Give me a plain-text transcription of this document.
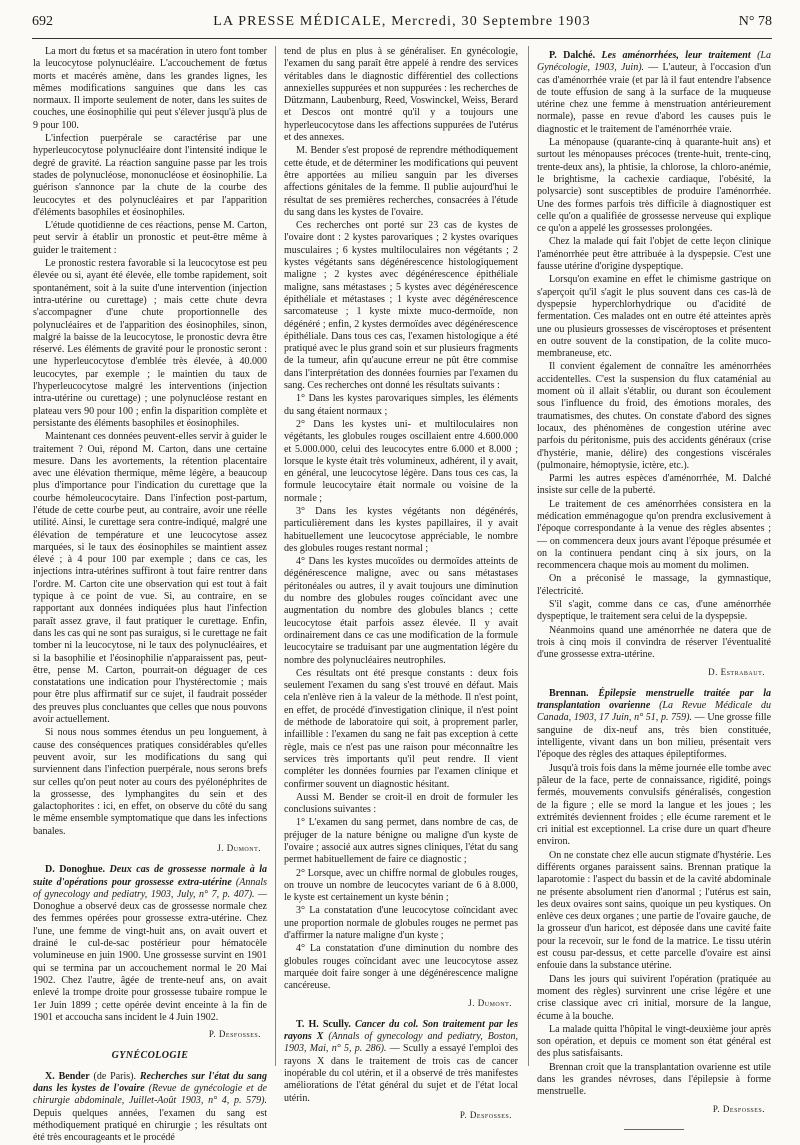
692	LA PRESSE MÉDICALE, Mercredi, 30 Septembre 1903	N° 78

La mort du fœtus et sa macération in utero font tomber la leucocytose polynucléaire. L'accouchement de fœtus morts et macérés amène, dans les grandes lignes, les mêmes modifications sanguines que dans les cas normaux. Il importe seulement de noter, dans les suites de couches, une éosinophilie qui peut s'élever jusqu'à plus de 9 pour 100.

L'infection puerpérale se caractérise par une hyperleucocytose polynucléaire dont l'intensité indique le degré de gravité. La réaction sanguine passe par les trois stades de polynucléose, mononucléose et éosinophilie. La guérison s'annonce par la chute de la courbe des leucocytes et des polynucléaires et par l'apparition d'éléments basophiles et éosinophiles.

L'étude quotidienne de ces réactions, pense M. Carton, peut servir à établir un pronostic et peut-être même à guider le traitement :

Le pronostic restera favorable si la leucocytose est peu élevée ou si, ayant été élevée, elle tombe rapidement, soit spontanément, soit à la suite d'une intervention (injection intra-utérine ou curettage) ; mais cette chute devra s'accompagner d'une chute proportionnelle des polynucléaires et de l'apparition des éosinophiles, sinon, malgré la baisse de la leucocytose, le pronostic devra être réservé. Les éléments de gravité pour le pronostic seront : une hyperleucocytose d'emblée très élevée, à 40.000 leucocytes, par exemple ; le maintien du taux de l'hyperleucocytose malgré les interventions (injection intra-utérine ou curettage) ; une polynucléose restant en plateau vers 90 pour 100 ; enfin la disparition complète et persistante des éléments basophiles et éosinophiles.

Maintenant ces données peuvent-elles servir à guider le traitement ? Oui, répond M. Carton, dans une certaine mesure. Dans les avortements, la rétention placentaire avec une élévation thermique, même légère, a beaucoup plus d'importance pour l'indication du curettage que la courbe hémoleucocytaire. Dans l'infection post-partum, l'étude de cette courbe peut, au contraire, avoir une réelle utilité. Ainsi, le curettage sera contre-indiqué, malgré une élévation de température et une leucocytose assez marquées, si le taux des éosinophiles se maintient assez élevé ; à 4 pour 100 par exemple ; dans ce cas, les injections intra-utérines suffiront à tout faire rentrer dans l'ordre. M. Carton cite une observation qui est tout à fait typique à ce point de vue. Si, au contraire, en se rapportant aux données indiquées plus haut l'infection paraît assez grave, il faut pratiquer le curettage. Enfin, dans les cas qui ne sont pas suraigus, si le curettage ne fait tomber ni la leucocytose, ni le taux des polynucléaires, et si la basophilie et l'éosinophilie n'apparaissent pas, peut-être, pense M. Carton, pourrait-on déguager de ces constatations une indication pour l'hystérectomie ; mais pour être plus affirmatif sur ce sujet, il faudrait posséder des preuves plus concluantes que celles que nous pouvons avoir actuellement.

Si nous nous sommes étendus un peu longuement, à cause des conséquences pratiques considérables qu'elles peuvent avoir, sur les modifications du sang qui surviennent dans l'infection puerpérale, nous serons brefs sur celles qu'on peut noter au cours des pyélonéphrites de la grossesse, des lymphangites du sein et des galactophorites : ici, en effet, on observe du côté du sang le même ensemble symptomatique que dans les infections banales.

J. Dumont.

D. Donoghue. Deux cas de grossesse normale à la suite d'opérations pour grossesse extra-utérine (Annals of gynecology and pediatry, 1903, July, n° 7, p. 407). — Donoghue a observé deux cas de grossesse normale chez des femmes opérées pour grossesse extra-utérine. Chez l'une, une femme de vingt-huit ans, on avait ouvert et drainé le cul-de-sac postérieur pour hématocèle volumineuse en juin 1900. Une grossesse survint en 1901 qui se termina par un accouchement normal le 20 Mai 1902. Chez l'autre, âgée de trente-neuf ans, on avait enlevé la trompe droite pour grossesse tubaire rompue le 1er Juin 1899 ; cette opérée devint enceinte à la fin de 1901 et accoucha sans incident le 4 Juin 1902.

P. Desfosses.
GYNÉCOLOGIE

X. Bender (de Paris). Recherches sur l'état du sang dans les kystes de l'ovaire (Revue de gynécologie et de chirurgie abdominale, Juillet-Août 1903, n° 4, p. 579). Depuis quelques années, l'examen du sang est méthodiquement pratiqué en chirurgie ; les résultats ont été très encourageants et le procédé

tend de plus en plus à se généraliser. En gynécologie, l'examen du sang paraît être appelé à rendre des services véritables dans le diagnostic différentiel des collections annexielles suppurées et non suppurées : les recherches de Dützmann, Laubenburg, Reed, Voswinckel, Weiss, Berard et Descos ont montré qu'il y a toujours une hyperleucocytose dans les affections suppurées de l'utérus et des annexes.

M. Bender s'est proposé de reprendre méthodiquement cette étude, et de déterminer les modifications qui peuvent être apportées au milieu sanguin par les diverses affections génitales de la femme. Il publie aujourd'hui le résultat de ses premières recherches, consacrées à l'étude du sang dans les kystes de l'ovaire.

Ces recherches ont porté sur 23 cas de kystes de l'ovaire dont : 2 kystes parovariques ; 2 kystes ovariques musculaires ; 6 kystes multiloculaires non végétants ; 2 kystes végétants sans dégénérescence histologiquement maligne ; 2 kystes avec dégénérescence épithéliale maligne, sans métastases ; 5 kystes avec dégénérescence épithéliale et métastases ; 1 kyste avec dégénérescence sarcomateuse ; 1 kyste mixte muco-dermoïde, non dégénéré ; enfin, 2 kystes dermoïdes avec dégénérescence épithéliale. Dans tous ces cas, l'examen histologique a été pratiqué avec le plus grand soin et sur plusieurs fragments de la tumeur, afin qu'aucune erreur ne pût être commise dans l'interprétation des données fournies par l'examen du sang. Ces recherches ont donné les résultats suivants :

1° Dans les kystes parovariques simples, les éléments du sang étaient normaux ;

2° Dans les kystes uni- et multiloculaires non végétants, les globules rouges oscillaient entre 4.600.000 et 5.000.000, celui des leucocytes entre 6.000 et 8.000 ; lorsque le kyste était très volumineux, adhérent, il y avait, en général, une leucocytose légère. Dans tous ces cas, la formule leucocytaire était normale ou voisine de la normale ;

3° Dans les kystes végétants non dégénérés, particulièrement dans les kystes papillaires, il y avait habituellement une leucocytose appréciable, le nombre des globules rouges restant normal ;

4° Dans les kystes mucoïdes ou dermoïdes atteints de dégénérescence maligne, avec ou sans métastases péritonéales ou autres, il y avait toujours une diminution du nombre des globules rouges coïncidant avec une augmentation du nombre des globules blancs ; cette leucocytose était parfois assez élevée. Il y avait ordinairement dans ce cas une modification de la formule leucocytaire se traduisant par une augmentation légère du nombre des polynucléaires neutrophiles.

Ces résultats ont été presque constants : deux fois seulement l'examen du sang s'est trouvé en défaut. Mais cela n'enlève rien à la valeur de la méthode. Il n'est point, en effet, de procédé d'investigation clinique, il n'est point de méthode de laboratoire qui soit, à proprement parler, infaillible : l'examen du sang ne fait pas exception à cette règle, mais ce n'est pas une raison pour méconnaître les services très importants qu'il peut rendre. Il vient compléter les données fournies par l'examen clinique et confirmer souvent un diagnostic hésitant.

Aussi M. Bender se croit-il en droit de formuler les conclusions suivantes :

1° L'examen du sang permet, dans nombre de cas, de préjuger de la nature bénigne ou maligne d'un kyste de l'ovaire ; associé aux autres signes cliniques, l'état du sang permet habituellement de faire ce diagnostic ;

2° Lorsque, avec un chiffre normal de globules rouges, on trouve un nombre de leucocytes variant de 6 à 8.000, le kyste est certainement un kyste bénin ;

3° La constatation d'une leucocytose coïncidant avec une proportion normale de globules rouges ne permet pas d'affirmer la nature maligne d'un kyste ;

4° La constatation d'une diminution du nombre des globules rouges coïncidant avec une leucocytose assez marquée doit faire songer à une dégénérescence maligne cancéreuse.

J. Dumont.

T. H. Scully. Cancer du col. Son traitement par les rayons X (Annals of gynecology and pediatry, Boston, 1903, Mai, n° 5, p. 286). — Scully a essayé l'emploi des rayons X dans le traitement de trois cas de cancer inopérable du col utérin, et il a observé de très manifestes améliorations de l'état général du sujet et de l'état local utérin.

P. Desfosses.

P. Dalché. Les aménorrhées, leur traitement (La Gynécologie, 1903, Juin). — L'auteur, à l'occasion d'un cas d'aménorrhée vraie (et par là il faut entendre l'absence de toute effusion de sang à la surface de la muqueuse utérine chez une femme à menstruation antérieurement normale), passe en revue d'abord les causes puis le diagnostic et le traitement de l'aménorrhée vraie.

La ménopause (quarante-cinq à quarante-huit ans) et surtout les ménopauses précoces (trente-huit, trente-cinq, trente-deux ans), la phtisie, la chlorose, la chloro-anémie, le brightisme, la cachexie cardiaque, l'obésité, la polysarcie) sont susceptibles de produire l'aménorrhée. Une des formes parfois très difficile à diagnostiquer est celle qu'on a qualifiée de grossesse nerveuse qui explique ce qu'on a appelé les grossesses prolongées.

Chez la malade qui fait l'objet de cette leçon clinique l'aménorrhée peut être attribuée à la dyspepsie. C'est une fausse utérine d'origine dyspeptique.

Lorsqu'on examine en effet le chimisme gastrique on s'aperçoit qu'il s'agit le plus souvent dans ces cas-là de dyspepsie hyperchlorhydrique ou d'acidité de fermentation. Ces malades ont en outre été atteintes après une ou plusieurs grossesses de viscéroptoses et présentent en outre souvent de la constipation, de la colite muco-membraneuse, etc.

Il convient également de connaître les aménorrhées accidentelles. C'est la suspension du flux cataménial au moment où il allait s'établir, ou durant son écoulement sous l'influence du froid, des émotions morales, des traumatismes, des chutes. On constate d'abord des signes locaux, des phénomènes de congestion utérine avec parfois du péritonisme, puis des accidents généraux (crise d'hystérie, manie, délire) des congestions viscérales (pulmonaire, hémoptysie, ictère, etc.).

Parmi les autres espèces d'aménorrhée, M. Dalché insiste sur celle de la puberté.

Le traitement de ces aménorrhées consistera en la médication emménagogue qu'on prendra exclusivement à l'époque correspondante à la venue des règles absentes ; — on commencera deux jours avant l'époque présumée et on la continuera pendant cinq à six jours, on la recommencera chaque mois au moment du molimen.

On a préconisé le massage, la gymnastique, l'électricité.

S'il s'agit, comme dans ce cas, d'une aménorrhée dyspeptique, le traitement sera celui de la dyspepsie.

Néanmoins quand une aménorrhée ne datera que de trois à cinq mois il convindra de réserver l'éventualité d'une grossesse extra-utérine.

D. Estrabaut.

Brennan. Épilepsie menstruelle traitée par la transplantation ovarienne (La Revue Médicale du Canada, 1903, 17 Juin, n° 51, p. 759). — Une grosse fille sanguine de dix-neuf ans, très bien constituée, intelligente, vivant dans un bon milieu, présentait vers l'époque des règles des attaques épileptiformes.

Jusqu'à trois fois dans la même journée elle tombe avec pâleur de la face, perte de connaissance, rigidité, poings fermés, mouvements convulsifs généralisés, congestion de la figure ; elle se mord la langue et les joues ; les extrémités deviennent froides ; elle écume rarement et le cri initial est exceptionnel. La crise dure un quart d'heure environ.

On ne constate chez elle aucun stigmate d'hystérie. Les différents organes paraissent sains. Brennan pratique la laparotomie : l'aspect du bassin et de la cavité abdominale ne présente absolument rien d'anormal ; l'utérus est sain, les deux ovaires sont sains, quoique un peu kystiques. On enlève ces deux organes ; une partie de l'ovaire gauche, de la grosseur d'un haricot, est déposée dans une cavité faite pour la recevoir, sur le fond de la matrice. Le tissu utérin est cousu par-dessus, et cette parcelle d'ovaire est ainsi enfouie dans la substance utérine.

Dans les jours qui suivirent l'opération (pratiquée au moment des règles) survinrent une crise légère et une crise classique avec cri initial, morsure de la langue, écume à la bouche.

La malade quitta l'hôpital le vingt-deuxième jour après son opération, et depuis ce moment son état général est des plus satisfaisants.

Brennan croit que la transplantation ovarienne est utile dans les grandes névroses, dans l'épilepsie à forme menstruelle.

P. Desfosses.
